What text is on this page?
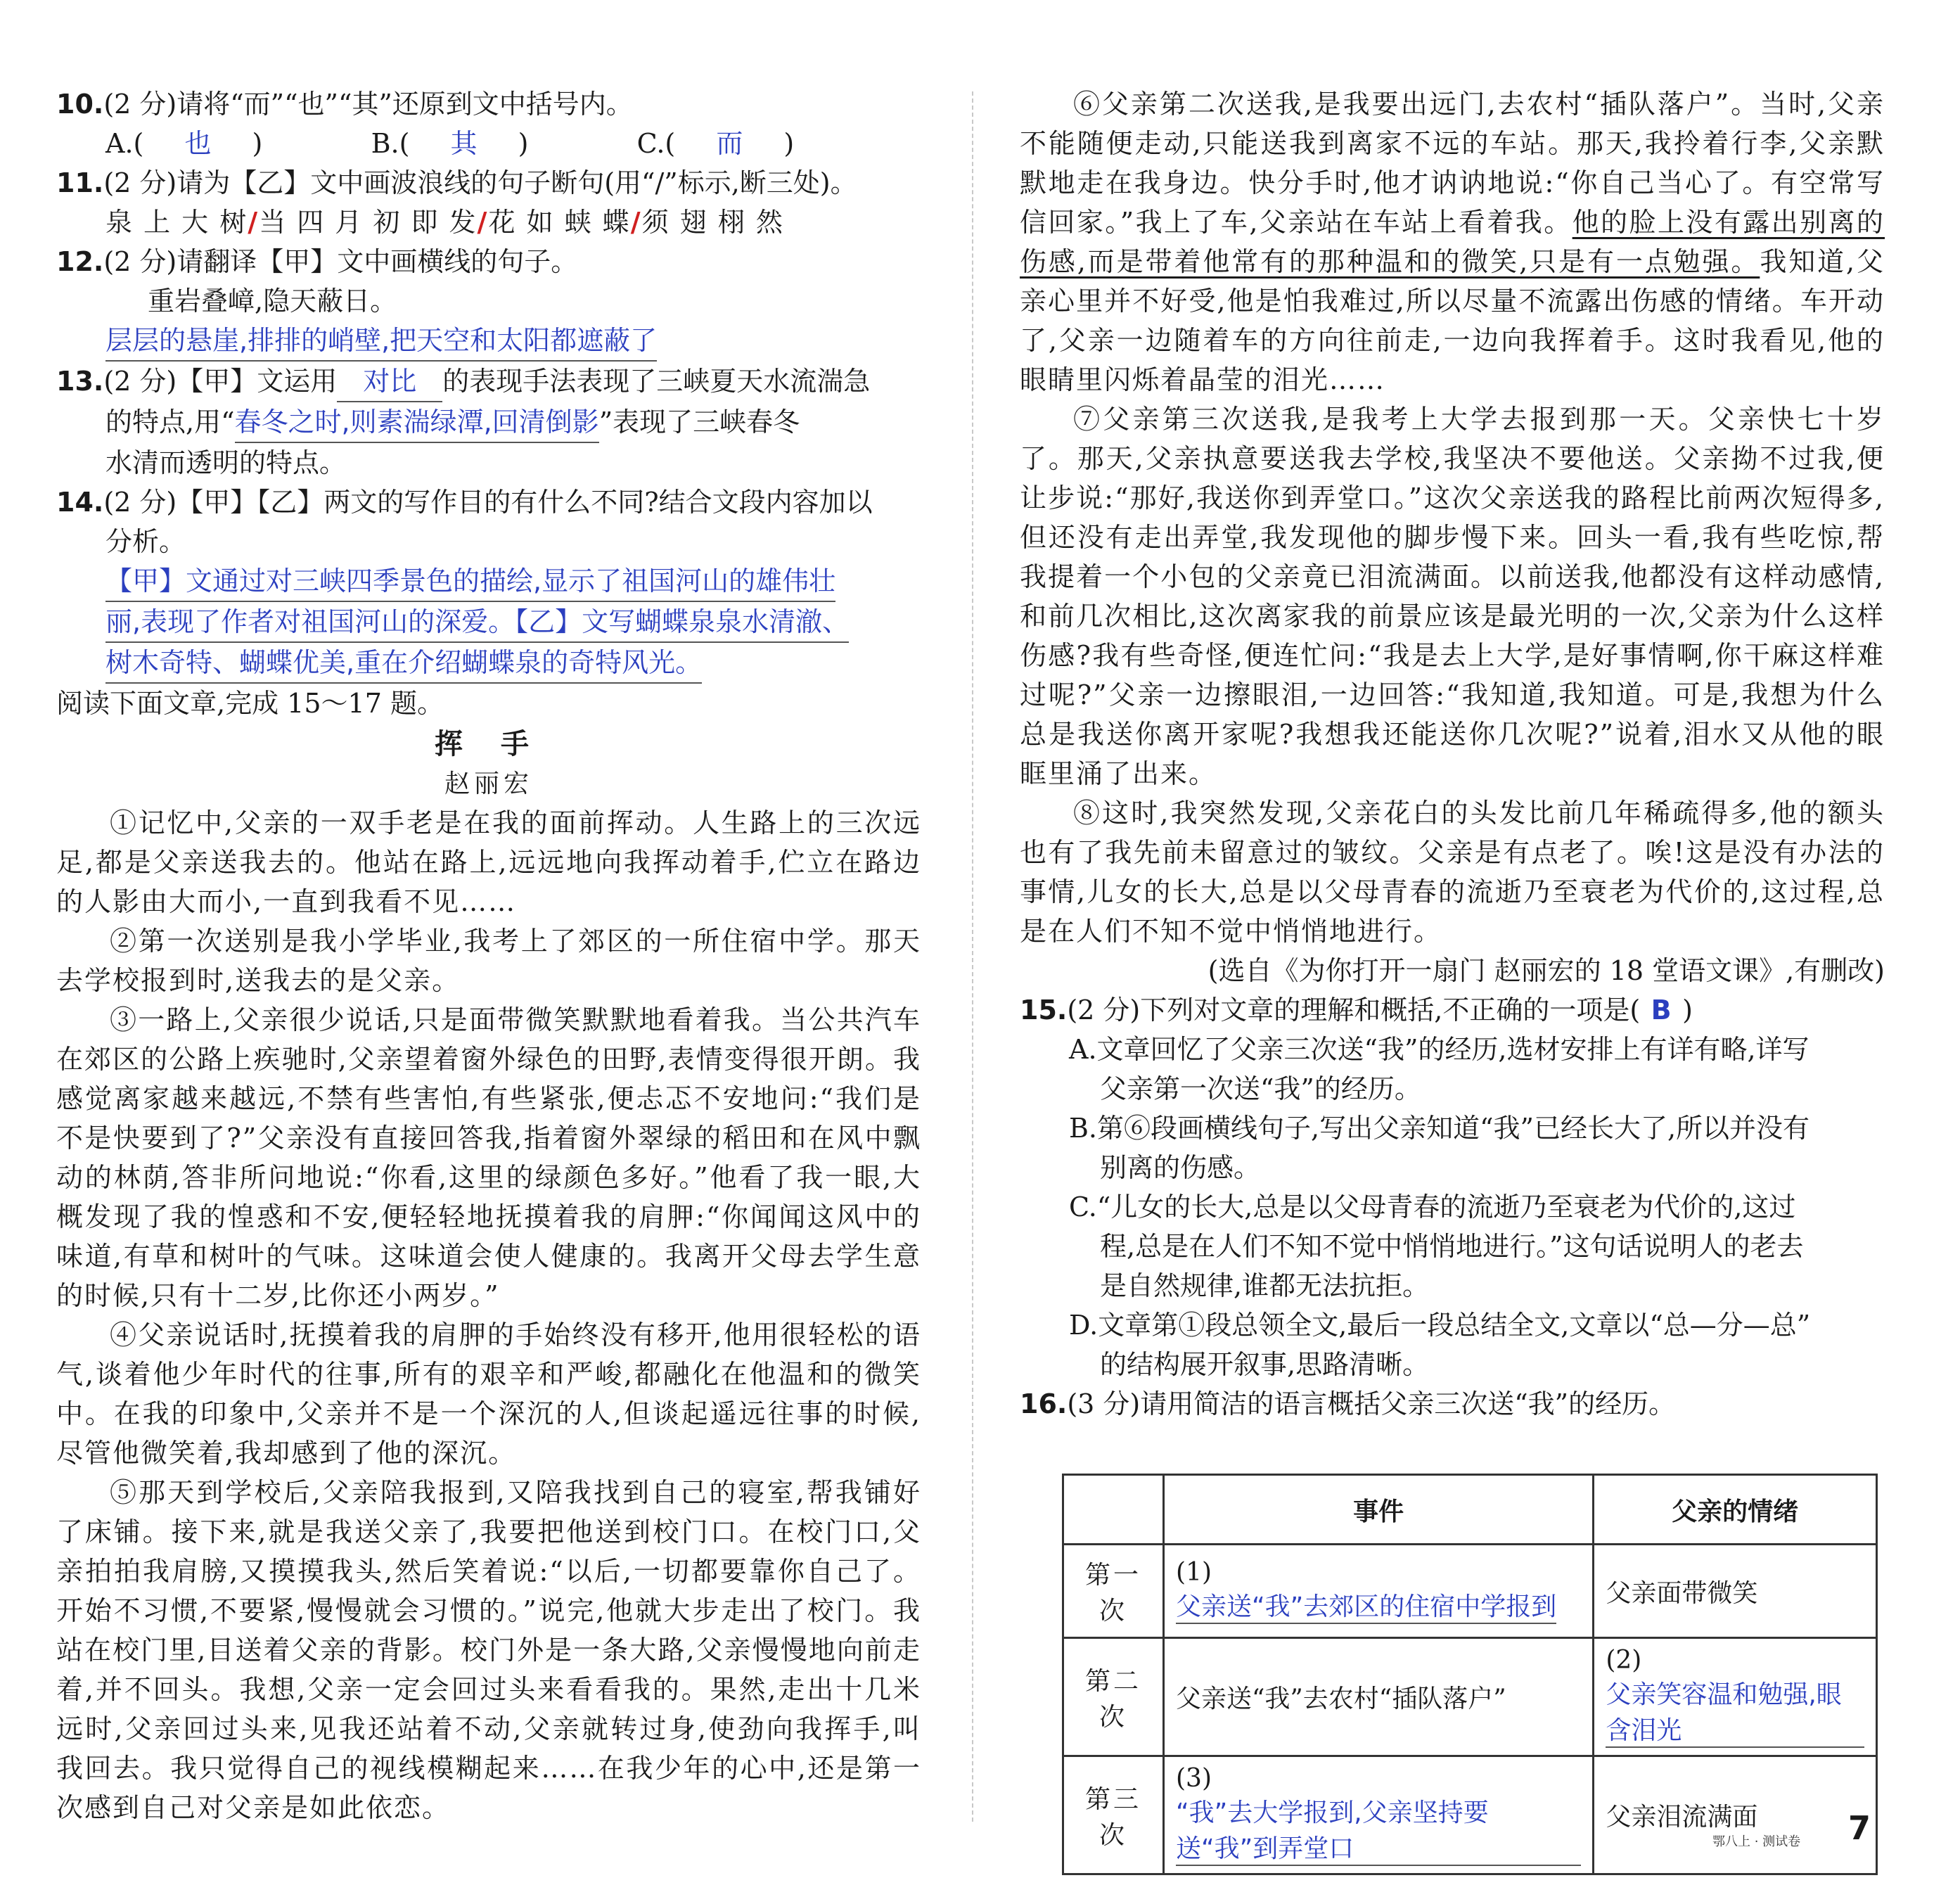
10.(2 分)请将“而”“也”“其”还原到文中括号内。
A.( 也 )	B.( 其 )	C.( 而 )
11.(2 分)请为【乙】文中画波浪线的句子断句(用“/”标示,断三处)。
泉 上 大 树/当 四 月 初 即 发/花 如 蛱 蝶/须 翅 栩 然
12.(2 分)请翻译【甲】文中画横线的句子。
重岩叠嶂,隐天蔽日。
层层的悬崖,排排的峭壁,把天空和太阳都遮蔽了
13.(2 分)【甲】文运用 对比 的表现手法表现了三峡夏天水流湍急
的特点,用“春冬之时,则素湍绿潭,回清倒影”表现了三峡春冬
水清而透明的特点。
14.(2 分)【甲】【乙】两文的写作目的有什么不同?结合文段内容加以
分析。
【甲】文通过对三峡四季景色的描绘,显示了祖国河山的雄伟壮
丽,表现了作者对祖国河山的深爱。【乙】文写蝴蝶泉泉水清澈、
树木奇特、蝴蝶优美,重在介绍蝴蝶泉的奇特风光。
阅读下面文章,完成 15～17 题。
挥 手
赵丽宏
①记忆中,父亲的一双手老是在我的面前挥动。人生路上的三次远足,都是父亲送我去的。他站在路上,远远地向我挥动着手,伫立在路边的人影由大而小,一直到我看不见……
②第一次送别是我小学毕业,我考上了郊区的一所住宿中学。那天去学校报到时,送我去的是父亲。
③一路上,父亲很少说话,只是面带微笑默默地看着我。当公共汽车在郊区的公路上疾驰时,父亲望着窗外绿色的田野,表情变得很开朗。我感觉离家越来越远,不禁有些害怕,有些紧张,便忐忑不安地问:“我们是不是快要到了?”父亲没有直接回答我,指着窗外翠绿的稻田和在风中飘动的林荫,答非所问地说:“你看,这里的绿颜色多好。”他看了我一眼,大概发现了我的惶惑和不安,便轻轻地抚摸着我的肩胛:“你闻闻这风中的味道,有草和树叶的气味。这味道会使人健康的。我离开父母去学生意的时候,只有十二岁,比你还小两岁。”
④父亲说话时,抚摸着我的肩胛的手始终没有移开,他用很轻松的语气,谈着他少年时代的往事,所有的艰辛和严峻,都融化在他温和的微笑中。在我的印象中,父亲并不是一个深沉的人,但谈起遥远往事的时候,尽管他微笑着,我却感到了他的深沉。
⑤那天到学校后,父亲陪我报到,又陪我找到自己的寝室,帮我铺好了床铺。接下来,就是我送父亲了,我要把他送到校门口。在校门口,父亲拍拍我肩膀,又摸摸我头,然后笑着说:“以后,一切都要靠你自己了。开始不习惯,不要紧,慢慢就会习惯的。”说完,他就大步走出了校门。我站在校门里,目送着父亲的背影。校门外是一条大路,父亲慢慢地向前走着,并不回头。我想,父亲一定会回过头来看看我的。果然,走出十几米远时,父亲回过头来,见我还站着不动,父亲就转过身,使劲向我挥手,叫我回去。我只觉得自己的视线模糊起来……在我少年的心中,还是第一次感到自己对父亲是如此依恋。
⑥父亲第二次送我,是我要出远门,去农村“插队落户”。当时,父亲不能随便走动,只能送我到离家不远的车站。那天,我拎着行李,父亲默默地走在我身边。快分手时,他才讷讷地说:“你自己当心了。有空常写信回家。”我上了车,父亲站在车站上看着我。他的脸上没有露出别离的伤感,而是带着他常有的那种温和的微笑,只是有一点勉强。我知道,父亲心里并不好受,他是怕我难过,所以尽量不流露出伤感的情绪。车开动了,父亲一边随着车的方向往前走,一边向我挥着手。这时我看见,他的眼睛里闪烁着晶莹的泪光……
⑦父亲第三次送我,是我考上大学去报到那一天。父亲快七十岁了。那天,父亲执意要送我去学校,我坚决不要他送。父亲拗不过我,便让步说:“那好,我送你到弄堂口。”这次父亲送我的路程比前两次短得多,但还没有走出弄堂,我发现他的脚步慢下来。回头一看,我有些吃惊,帮我提着一个小包的父亲竟已泪流满面。以前送我,他都没有这样动感情,和前几次相比,这次离家我的前景应该是最光明的一次,父亲为什么这样伤感?我有些奇怪,便连忙问:“我是去上大学,是好事情啊,你干麻这样难过呢?”父亲一边擦眼泪,一边回答:“我知道,我知道。可是,我想为什么总是我送你离开家呢?我想我还能送你几次呢?”说着,泪水又从他的眼眶里涌了出来。
⑧这时,我突然发现,父亲花白的头发比前几年稀疏得多,他的额头也有了我先前未留意过的皱纹。父亲是有点老了。唉!这是没有办法的事情,儿女的长大,总是以父母青春的流逝乃至衰老为代价的,这过程,总是在人们不知不觉中悄悄地进行。
(选自《为你打开一扇门 赵丽宏的 18 堂语文课》,有删改)
15.(2 分)下列对文章的理解和概括,不正确的一项是( B )
A.文章回忆了父亲三次送“我”的经历,选材安排上有详有略,详写
父亲第一次送“我”的经历。
B.第⑥段画横线句子,写出父亲知道“我”已经长大了,所以并没有
别离的伤感。
C.“儿女的长大,总是以父母青春的流逝乃至衰老为代价的,这过
程,总是在人们不知不觉中悄悄地进行。”这句话说明人的老去
是自然规律,谁都无法抗拒。
D.文章第①段总领全文,最后一段总结全文,文章以“总—分—总”
的结构展开叙事,思路清晰。
16.(3 分)请用简洁的语言概括父亲三次送“我”的经历。
	事件	父亲的情绪
第一次	(1)父亲送“我”去郊区的住宿中学报到	父亲面带微笑
第二次	父亲送“我”去农村“插队落户”	(2)父亲笑容温和勉强,眼含泪光
第三次	(3)“我”去大学报到,父亲坚持要送“我”到弄堂口	父亲泪流满面
鄂八上 · 测试卷 7
